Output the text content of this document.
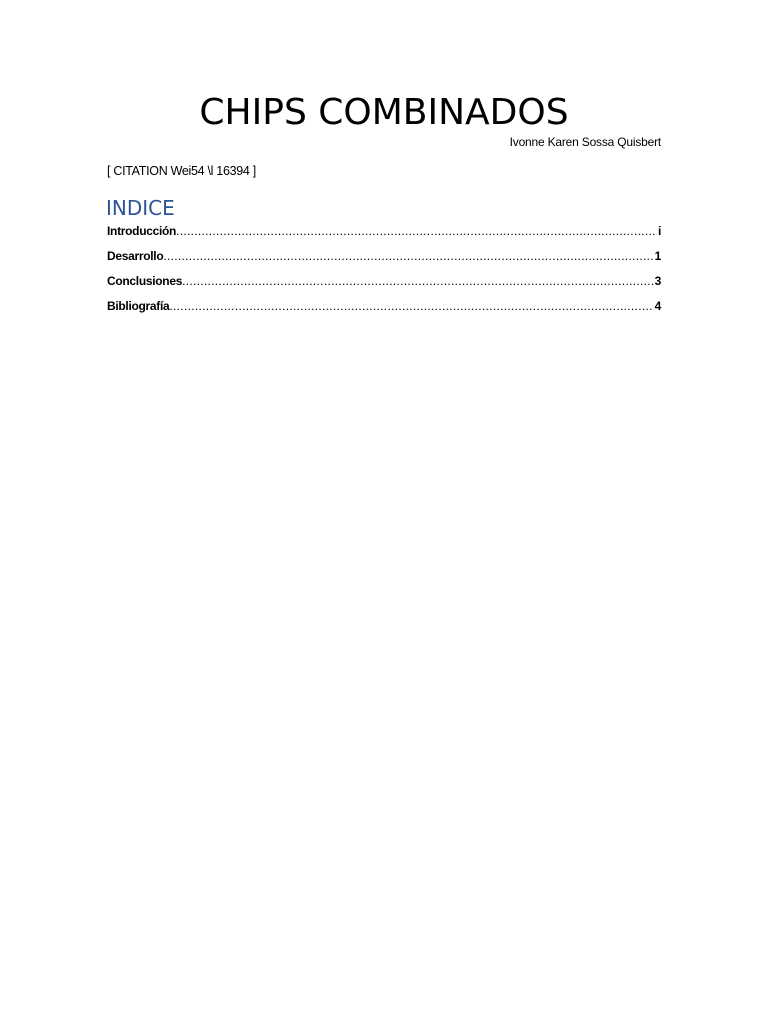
CHIPS COMBINADOS
Ivonne Karen Sossa Quisbert
[ CITATION Wei54 \l 16394 ]
INDICE
Introducción .....	i
Desarrollo .....	1
Conclusiones .....	3
Bibliografía .....	4
